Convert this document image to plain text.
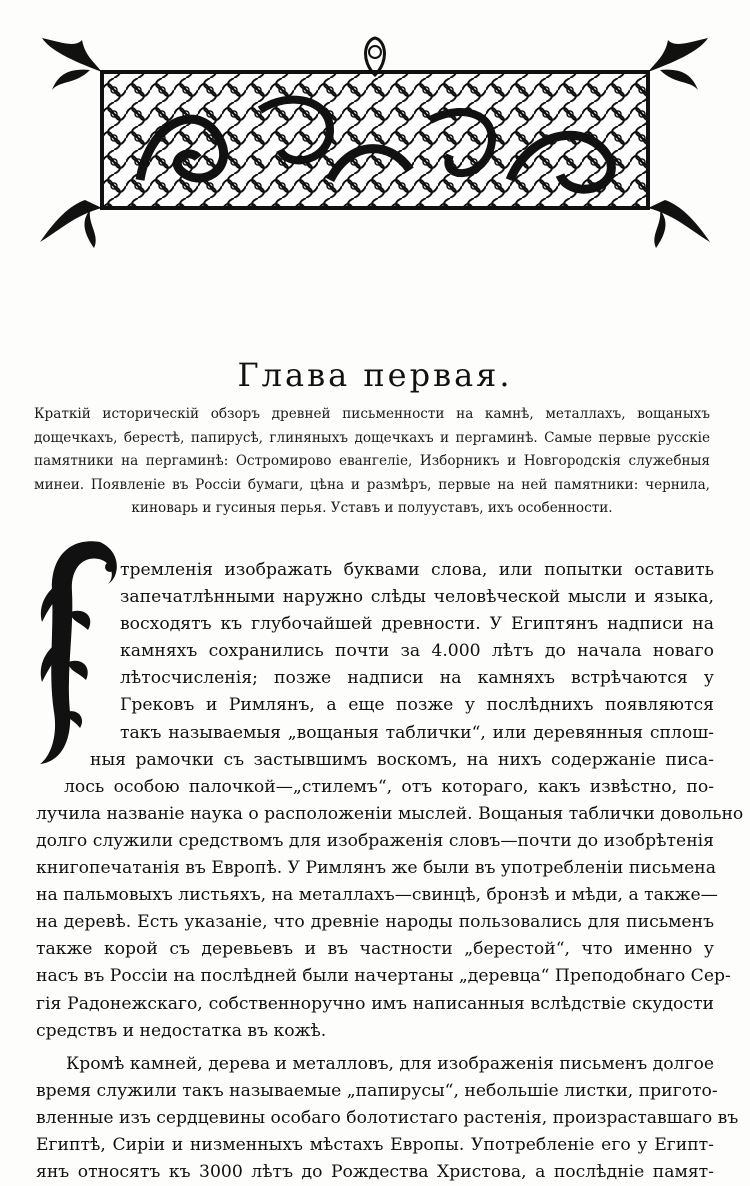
Глава первая.

Краткій историческій обзоръ древней письменности на камнѣ, металлахъ, вощаныхъ дощечкахъ, берестѣ, папирусѣ, глиняныхъ дощечкахъ и пергаминѣ. Самые первые русскіе памятники на пергаминѣ: Остромирово евангеліе, Изборникъ и Новгородскія служебныя минеи. Появленіе въ Россіи бумаги, цѣна и размѣръ, первые на ней памятники: чернила, киноварь и гусиныя перья. Уставъ и полууставъ, ихъ особенности.

тремленія изображать буквами слова, или попытки оставить
запечатлѣнными наружно слѣды человѣческой мысли и языка,
восходятъ къ глубочайшей древности. У Египтянъ надписи на
камняхъ сохранились почти за 4.000 лѣтъ до начала новаго
лѣтосчисленія; позже надписи на камняхъ встрѣчаются у
Грековъ и Римлянъ, а еще позже у послѣднихъ появляются
такъ называемыя „вощаныя таблички“, или деревянныя сплош-
ныя рамочки съ застывшимъ воскомъ, на нихъ содержаніе писа-
лось особою палочкой—„стилемъ“, отъ котораго, какъ извѣстно, по-
лучила названіе наука о расположеніи мыслей. Вощаныя таблички довольно
долго служили средствомъ для изображенія словъ—почти до изобрѣтенія
книгопечатанія въ Европѣ. У Римлянъ же были въ употребленіи письмена
на пальмовыхъ листьяхъ, на металлахъ—свинцѣ, бронзѣ и мѣди, а также—
на деревѣ. Есть указаніе, что древніе народы пользовались для письменъ
также корой съ деревьевъ и въ частности „берестой“, что именно у
насъ въ Россіи на послѣдней были начертаны „деревца“ Преподобнаго Сер-
гія Радонежскаго, собственноручно имъ написанныя вслѣдствіе скудости
средствъ и недостатка въ кожѣ.
Кромѣ камней, дерева и металловъ, для изображенія письменъ долгое
время служили такъ называемые „папирусы“, небольшіе листки, пригото-
вленные изъ сердцевины особаго болотистаго растенія, произраставшаго въ
Египтѣ, Сиріи и низменныхъ мѣстахъ Европы. Употребленіе его у Египт-
янъ относятъ къ 3000 лѣтъ до Рождества Христова, а послѣдніе памят-
